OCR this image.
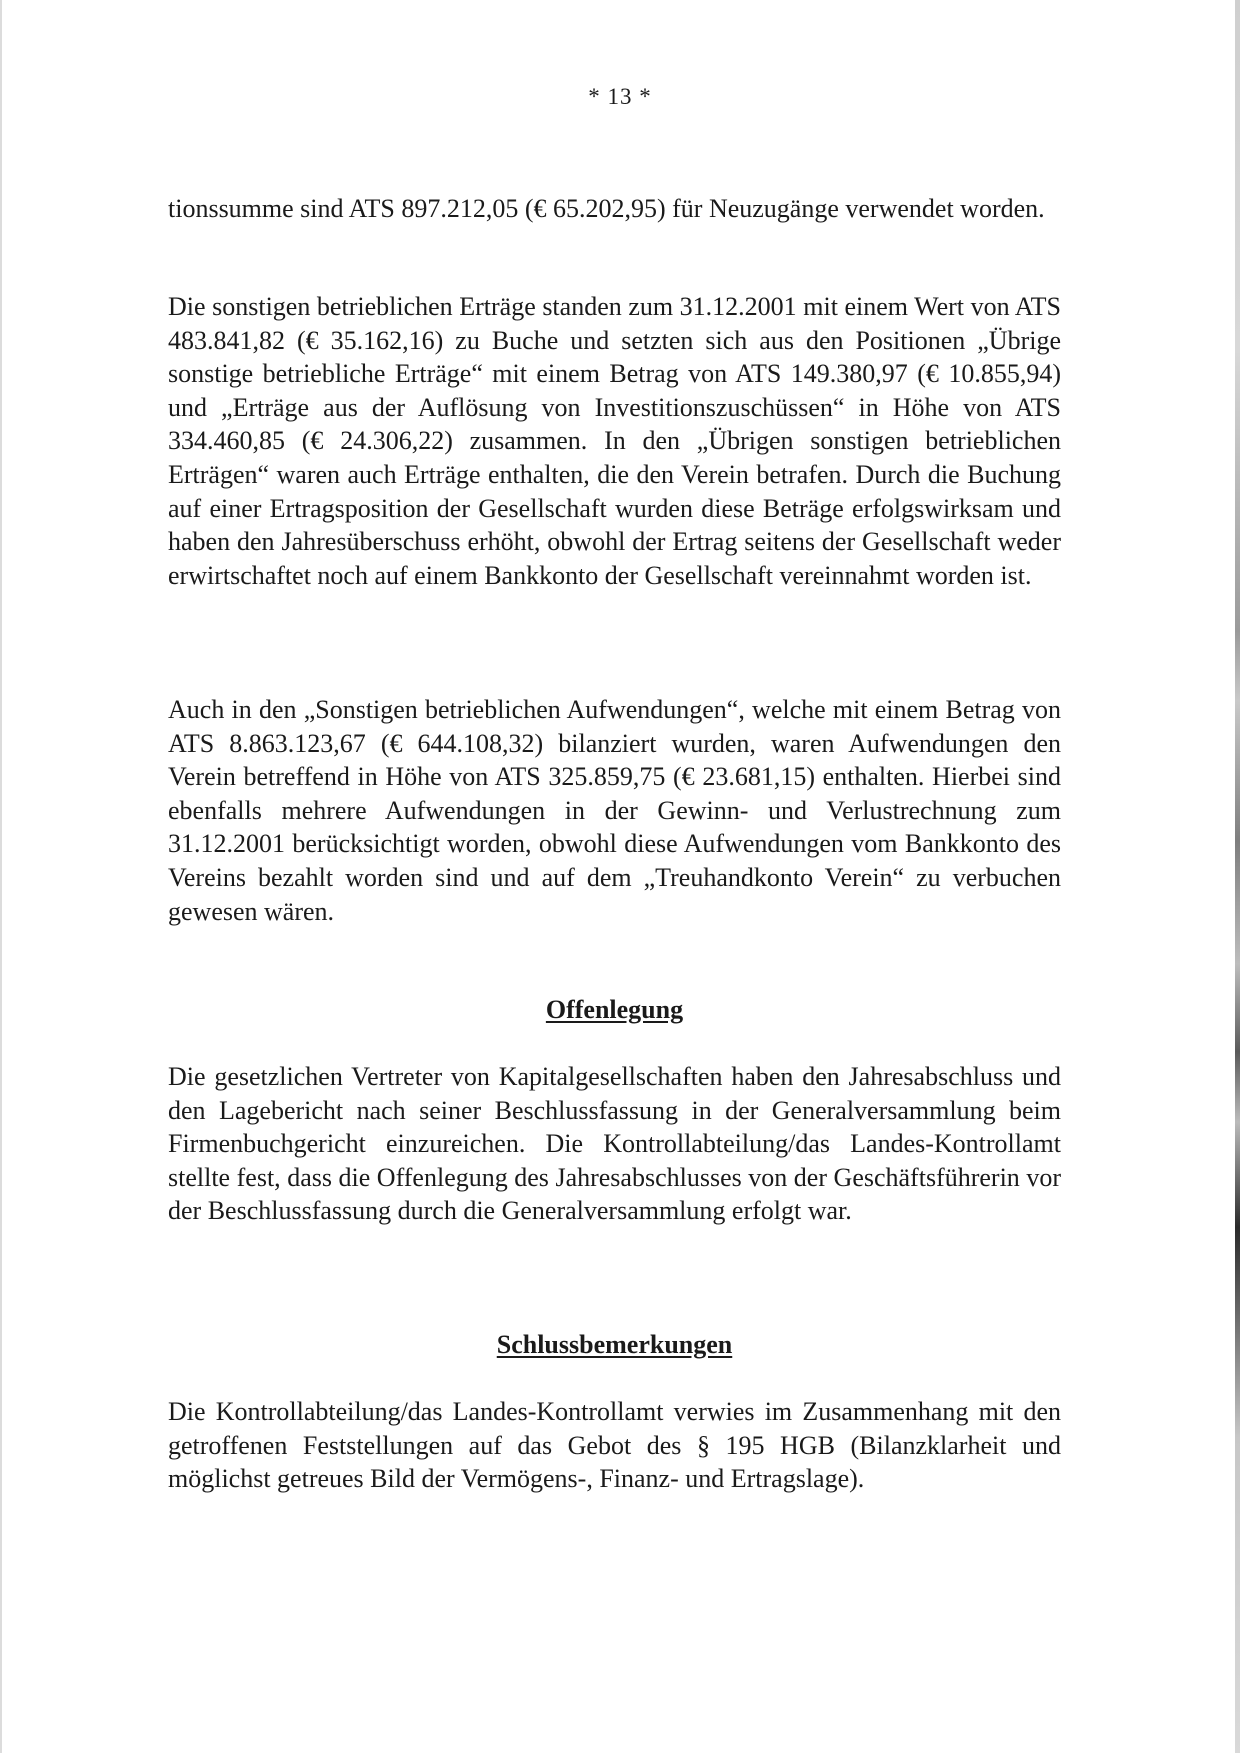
* 13 *

tionssumme sind ATS 897.212,05 (€ 65.202,95) für Neuzugänge verwendet worden.

Die sonstigen betrieblichen Erträge standen zum 31.12.2001 mit einem Wert von ATS 483.841,82 (€ 35.162,16) zu Buche und setzten sich aus den Positionen „Übrige sonstige betriebliche Erträge“ mit einem Betrag von ATS 149.380,97 (€ 10.855,94) und „Erträge aus der Auflösung von Investitionszuschüssen“ in Höhe von ATS 334.460,85 (€ 24.306,22) zusammen. In den „Übrigen sonstigen betrieblichen Erträgen“ waren auch Erträge enthalten, die den Verein betrafen. Durch die Buchung auf einer Ertragsposition der Gesellschaft wurden diese Beträge erfolgswirksam und haben den Jahresüberschuss erhöht, obwohl der Ertrag seitens der Gesellschaft weder erwirtschaftet noch auf einem Bankkonto der Gesellschaft vereinnahmt worden ist.

Auch in den „Sonstigen betrieblichen Aufwendungen“, welche mit einem Betrag von ATS 8.863.123,67 (€ 644.108,32) bilanziert wurden, waren Aufwendungen den Verein betreffend in Höhe von ATS 325.859,75 (€ 23.681,15) enthalten. Hierbei sind ebenfalls mehrere Aufwendungen in der Gewinn- und Verlustrechnung zum 31.12.2001 berücksichtigt worden, obwohl diese Aufwendungen vom Bankkonto des Vereins bezahlt worden sind und auf dem „Treuhandkonto Verein“ zu verbuchen gewesen wären.

Offenlegung

Die gesetzlichen Vertreter von Kapitalgesellschaften haben den Jahresabschluss und den Lagebericht nach seiner Beschlussfassung in der Generalversammlung beim Firmenbuchgericht einzureichen. Die Kontrollabteilung/das Landes-Kontrollamt stellte fest, dass die Offenlegung des Jahresabschlusses von der Geschäftsführerin vor der Beschlussfassung durch die Generalversammlung erfolgt war.

Schlussbemerkungen

Die Kontrollabteilung/das Landes-Kontrollamt verwies im Zusammenhang mit den getroffenen Feststellungen auf das Gebot des § 195 HGB (Bilanzklarheit und möglichst getreues Bild der Vermögens-, Finanz- und Ertragslage).
